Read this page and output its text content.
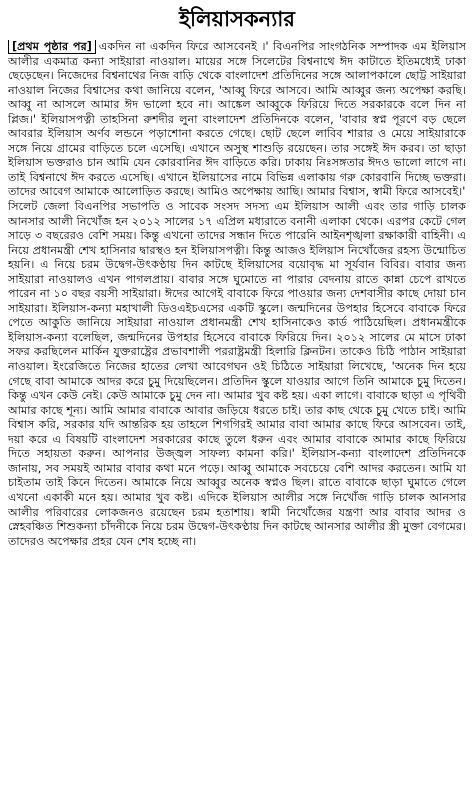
ইলিয়াসকন্যার

[প্রথম পৃষ্ঠার পর] একদিন না একদিন ফিরে আসবেনই ।' বিএনপির সাংগঠনিক সম্পাদক এম ইলিয়াস আলীর একমাত্র কন্যা সাইয়ারা নাওয়াল। মায়ের সঙ্গে সিলেটের বিশ্বনাথে ঈদ কাটাতে ইতিমধ্যেই ঢাকা ছেড়েছেন। নিজেদের বিশ্বনাথের নিজ বাড়ি থেকে বাংলাদেশ প্রতিদিনের সঙ্গে আলাপকালে ছোট্ট সাইয়ারা নাওয়াল নিজের বিশ্বাসের কথা জানিয়ে বলেন, 'আব্বু ফিরে আসবে। আমি আব্বুর জন্য অপেক্ষা করছি। আব্বু না আসলে আমার ঈদ ভালো হবে না। আঙ্কেল আব্বুকে ফিরিয়ে দিতে সরকারকে বলে দিন না প্লিজ।' ইলিয়াসপত্নী তাহসিনা রুশদীর লুনা বাংলাদেশ প্রতিদিনকে বলেন, 'বাবার স্বপ্ন পূরণে বড় ছেলে আবরার ইলিয়াস অর্ণব লন্ডনে পড়াশোনা করতে গেছে। ছোট ছেলে লাবিব শারার ও মেয়ে সাইয়ারাকে সঙ্গে নিয়ে গ্রামের বাড়িতে চলে এসেছি। এখানে অসুস্থ শাশুড়ি রয়েছেন। তার সঙ্গেই ঈদ করব। তা ছাড়া ইলিয়াস ভক্তরাও চান আমি যেন কোরবানির ঈদ বাড়িতে করি। ঢাকায় নিঃসঙ্গতার ঈদও ভালো লাগে না। তাই বিশ্বনাথে ঈদ করতে এসেছি। এখানে ইলিয়াসের নামে বিভিন্ন এলাকায় গরু কোরবানি দিচ্ছে ভক্তরা। তাদের আবেগ আমাকে আলোড়িত করছে। আমিও অপেক্ষায় আছি। আমার বিশ্বাস, স্বামী ফিরে আসবেই।'

সিলেট জেলা বিএনপির সভাপতি ও সাবেক সংসদ সদস্য এম ইলিয়াস আলী এবং তার গাড়ি চালক আনসার আলী নিখোঁজ হন ২০১২ সালের ১৭ এপ্রিল মধ্যরাতে বনানী এলাকা থেকে। এরপর কেটে গেল সাড়ে ৩ বছরেরও বেশি সময়। কিন্তু এখনো তাদের সন্ধান দিতে পারেনি আইনশৃঙ্খলা রক্ষাকারী বাহিনী। এ নিয়ে প্রধানমন্ত্রী শেখ হাসিনার দ্বারস্থও হন ইলিয়াসপত্নী। কিন্তু আজও ইলিয়াস নিখোঁজের রহস্য উন্মোচিত হয়নি। এ নিয়ে চরম উদ্বেগ-উৎকণ্ঠায় দিন কাটছে ইলিয়াসের বয়োবৃদ্ধ মা সূর্যবান বিবির। বাবার জন্য সাইয়ারা নাওয়ালও এখন পাগলপ্রায়। বাবার সঙ্গে ঘুমোতে না পারার বেদনায় রাতে কান্না চেপে রাখতে পারেন না ১০ বছর বয়সী সাইয়ারা। ঈদের আগেই বাবাকে ফিরে পাওয়ার জন্য দেশবাসীর কাছে দোয়া চান সাইয়ারা। ইলিয়াস-কন্যা মহাখালী ডিওএইচএসের একটি স্কুলে। জন্মদিনের উপহার হিসেবে বাবাকে ফিরে পেতে আকুতি জানিয়ে সাইয়ারা নাওয়াল প্রধানমন্ত্রী শেখ হাসিনাকেও কার্ড পাঠিয়েছিল। প্রধানমন্ত্রীকে ইলিয়াস-কন্যা বলেছিল, জন্মদিনের উপহার হিসেবে বাবাকে ফিরিয়ে দিন। ২০১২ সালের মে মাসে ঢাকা সফর করছিলেন মার্কিন যুক্তরাষ্ট্রের প্রভাবশালী পররাষ্ট্রমন্ত্রী হিলারি ক্লিনটন। তাকেও চিঠি পাঠান সাইয়ারা নাওয়াল। ইংরেজিতে নিজের হাতের লেখা আবেগঘন ওই চিঠিতে সাইয়ারা লিখেছে, 'অনেক দিন হয়ে গেছে বাবা আমাকে আদর করে চুমু দিয়েছিলেন। প্রতিদিন স্কুলে যাওয়ার আগে তিনি আমাকে চুমু দিতেন। কিন্তু এখন কেউ নেই। কেউ আমাকে চুমু দেন না। আমার খুব কষ্ট হয়। একা লাগে। বাবাকে ছাড়া এ পৃথিবী আমার কাছে শূন্য। আমি আমার বাবাকে আবার জড়িয়ে ধরতে চাই। তার কাছ থেকে চুমু খেতে চাই। আমি বিশ্বাস করি, সরকার যদি আন্তরিক হয় তাহলে শিগগিরই আমার বাবা আমার কাছে ফিরে আসবেন। তাই, দয়া করে এ বিষয়টি বাংলাদেশ সরকারের কাছে তুলে ধরুন এবং আমার বাবাকে আমার কাছে ফিরিয়ে দিতে সহায়তা করুন। আপনার উজ্জ্বল সাফল্য কামনা করি।' ইলিয়াস-কন্যা বাংলাদেশ প্রতিদিনকে জানায়, সব সময়ই আমার বাবার কথা মনে পড়ে। আব্বু আমাকে সবচেয়ে বেশি আদর করতেন। আমি যা চাইতাম তাই কিনে দিতেন। আমাকে নিয়ে আব্বুর অনেক স্বপ্নও ছিল। রাতে বাবাকে ছাড়া ঘুমাতে গেলে এখনো একাকী মনে হয়। আমার খুব কষ্ট। এদিকে ইলিয়াস আলীর সঙ্গে নিখোঁজ গাড়ি চালক আনসার আলীর পরিবারের লোকজনও রয়েছেন চরম হতাশায়। স্বামী নিখোঁজের যন্ত্রণা আর বাবার আদর ও স্নেহবঞ্চিত শিশুকন্যা চাঁদনীকে নিয়ে চরম উদ্বেগ-উৎকণ্ঠায় দিন কাটছে আনসার আলীর স্ত্রী মুক্তা বেগমের। তাদেরও অপেক্ষার প্রহর যেন শেষ হচ্ছে না।
